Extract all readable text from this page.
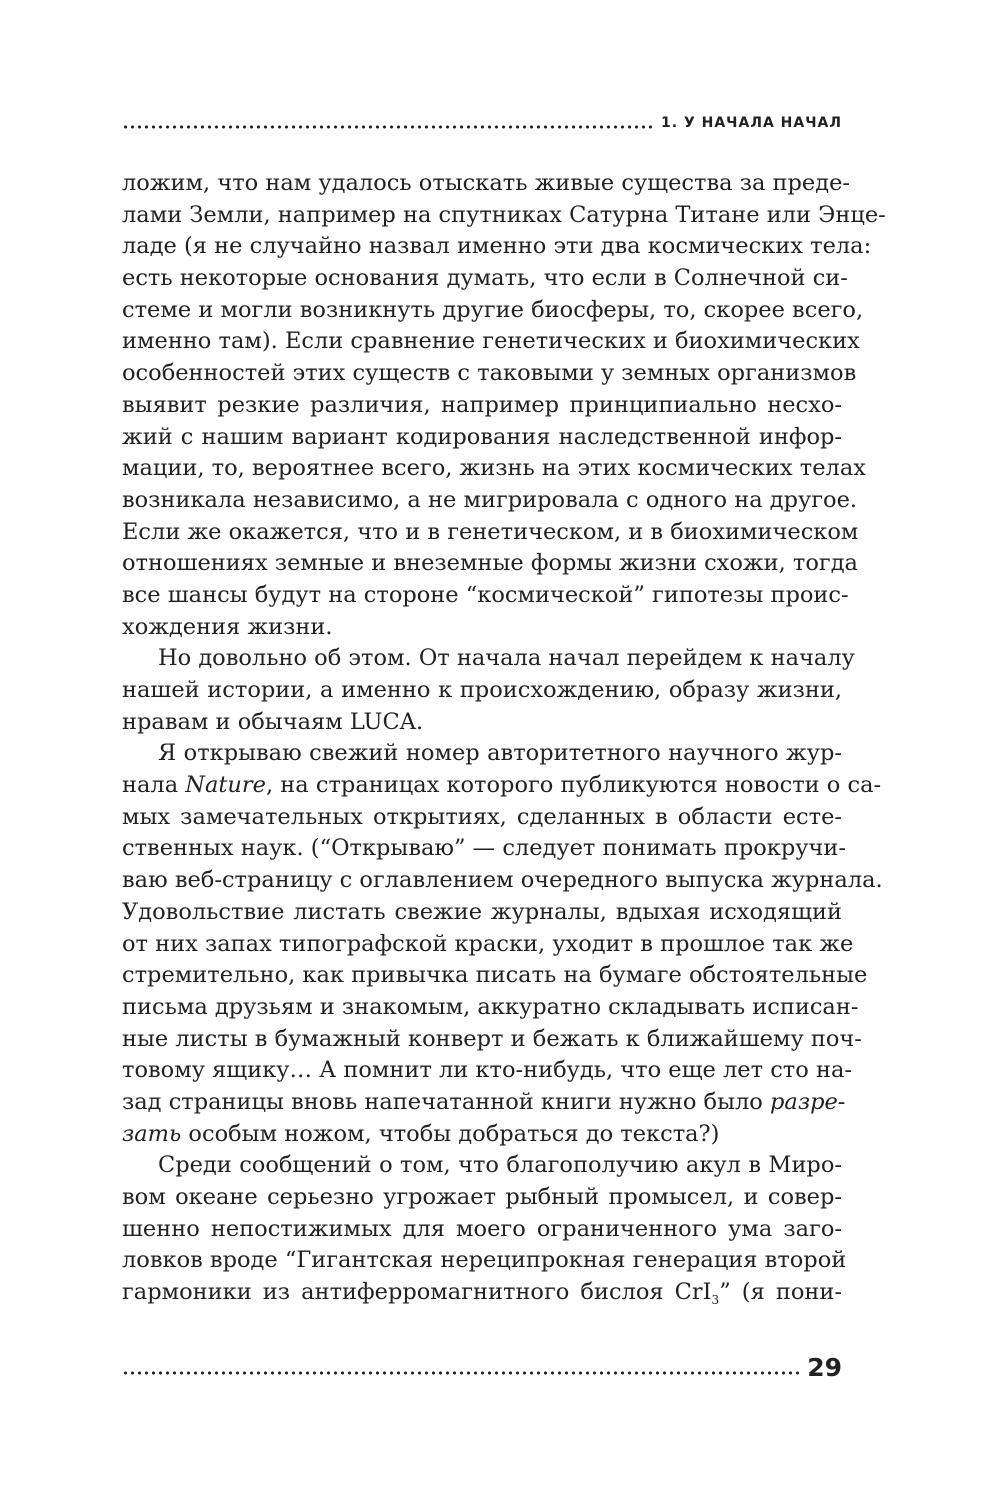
1. У НАЧАЛА НАЧАЛ

ложим, что нам удалось отыскать живые существа за преде-
лами Земли, например на спутниках Сатурна Титане или Энце-
ладе (я не случайно назвал именно эти два космических тела:
есть некоторые основания думать, что если в Солнечной си-
стеме и могли возникнуть другие биосферы, то, скорее всего,
именно там). Если сравнение генетических и биохимических
особенностей этих существ с таковыми у земных организмов
выявит резкие различия, например принципиально несхо-
жий с нашим вариант кодирования наследственной инфор-
мации, то, вероятнее всего, жизнь на этих космических телах
возникала независимо, а не мигрировала с одного на другое.
Если же окажется, что и в генетическом, и в биохимическом
отношениях земные и внеземные формы жизни схожи, тогда
все шансы будут на стороне “космической” гипотезы проис-
хождения жизни.

Но довольно об этом. От начала начал перейдем к началу
нашей истории, а именно к происхождению, образу жизни,
нравам и обычаям LUCA.

Я открываю свежий номер авторитетного научного жур-
нала Nature, на страницах которого публикуются новости о са-
мых замечательных открытиях, сделанных в области есте-
ственных наук. (“Открываю” — следует понимать прокручи-
ваю веб-страницу с оглавлением очередного выпуска журнала.
Удовольствие листать свежие журналы, вдыхая исходящий
от них запах типографской краски, уходит в прошлое так же
стремительно, как привычка писать на бумаге обстоятельные
письма друзьям и знакомым, аккуратно складывать исписан-
ные листы в бумажный конверт и бежать к ближайшему поч-
товому ящику… А помнит ли кто-нибудь, что еще лет сто на-
зад страницы вновь напечатанной книги нужно было разре-
зать особым ножом, чтобы добраться до текста?)

Среди сообщений о том, что благополучию акул в Миро-
вом океане серьезно угрожает рыбный промысел, и совер-
шенно непостижимых для моего ограниченного ума заго-
ловков вроде “Гигантская нереципрокная генерация второй
гармоники из антиферромагнитного бислоя CrI$_3$” (я пони-

29
